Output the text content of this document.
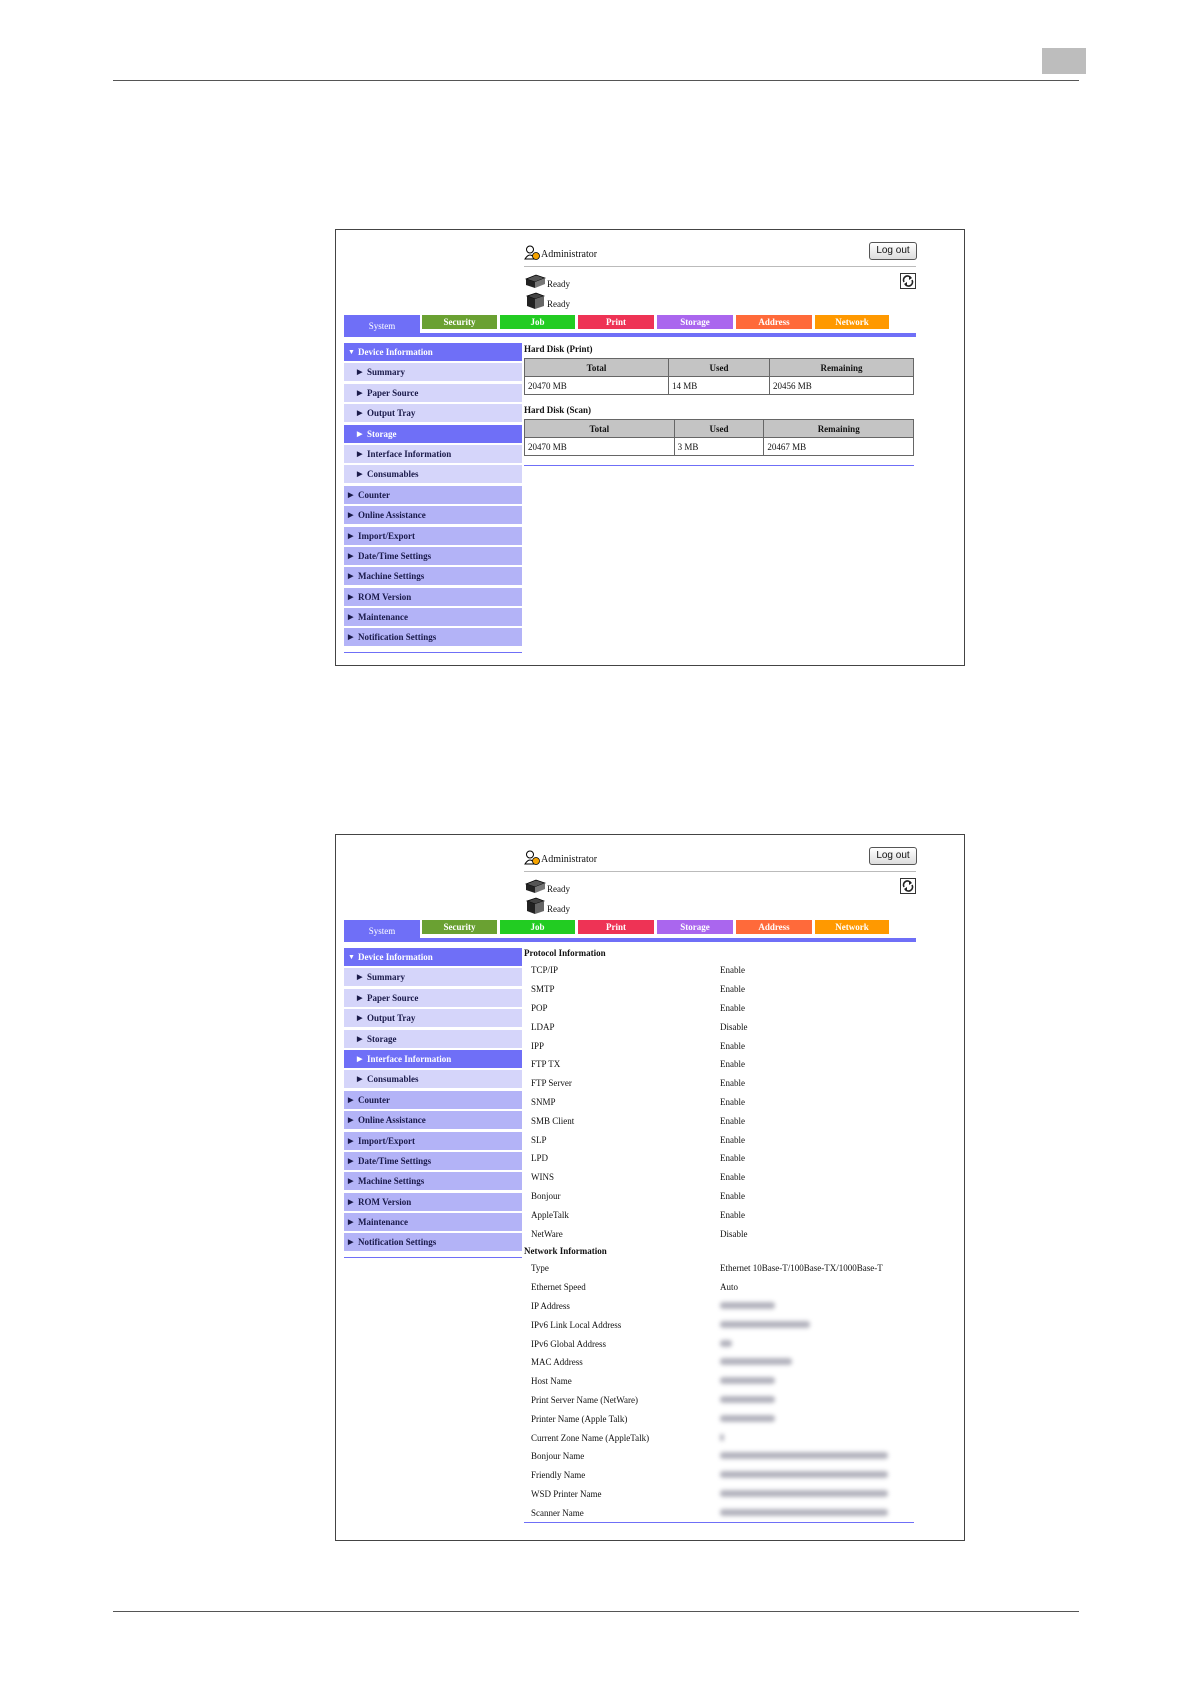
Administrator	Log out
Ready
Ready
System	Security	Job	Print	Storage	Address	Network
▼ Device Information
▶ Summary
▶ Paper Source
▶ Output Tray
▶ Storage
▶ Interface Information
▶ Consumables
▶ Counter
▶ Online Assistance
▶ Import/Export
▶ Date/Time Settings
▶ Machine Settings
▶ ROM Version
▶ Maintenance
▶ Notification Settings
Hard Disk (Print)
Total	Used	Remaining
20470 MB	14 MB	20456 MB
Hard Disk (Scan)
Total	Used	Remaining
20470 MB	3 MB	20467 MB
Administrator	Log out
Ready
Ready
System	Security	Job	Print	Storage	Address	Network
▼ Device Information
▶ Summary
▶ Paper Source
▶ Output Tray
▶ Storage
▶ Interface Information
▶ Consumables
▶ Counter
▶ Online Assistance
▶ Import/Export
▶ Date/Time Settings
▶ Machine Settings
▶ ROM Version
▶ Maintenance
▶ Notification Settings
Protocol Information
TCP/IP	Enable
SMTP	Enable
POP	Enable
LDAP	Disable
IPP	Enable
FTP TX	Enable
FTP Server	Enable
SNMP	Enable
SMB Client	Enable
SLP	Enable
LPD	Enable
WINS	Enable
Bonjour	Enable
AppleTalk	Enable
NetWare	Disable
Network Information
Type	Ethernet 10Base-T/100Base-TX/1000Base-T
Ethernet Speed	Auto
IP Address
IPv6 Link Local Address
IPv6 Global Address
MAC Address
Host Name
Print Server Name (NetWare)
Printer Name (Apple Talk)
Current Zone Name (AppleTalk)
Bonjour Name
Friendly Name
WSD Printer Name
Scanner Name
